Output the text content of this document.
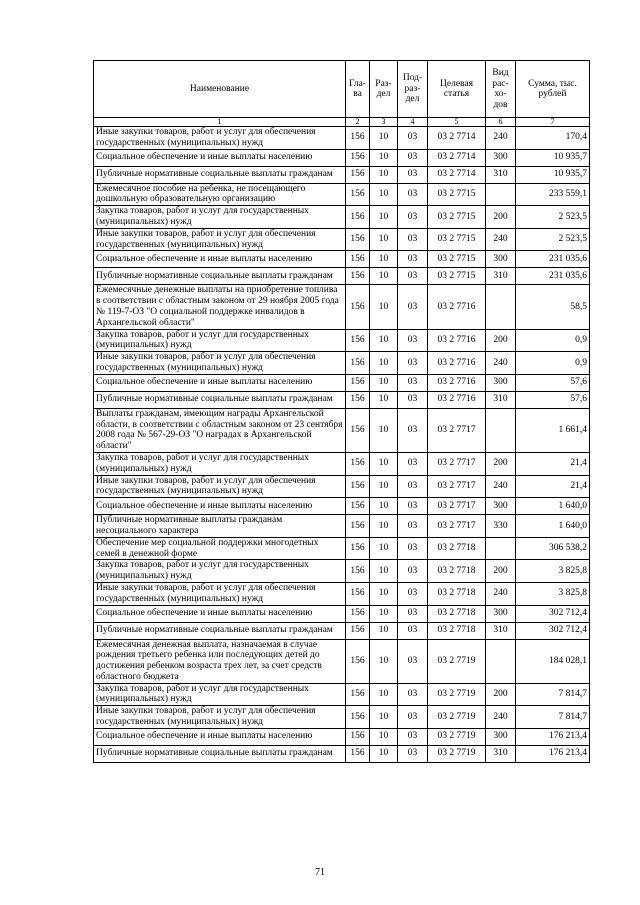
Наименование	Гла-ва	Раз-дел	Под-раз-дел	Целевая статья	Вид рас-хо-дов	Сумма, тыс. рублей
1	2	3	4	5	6	7
Иные закупки товаров, работ и услуг для обеспечения государственных (муниципальных) нужд	156	10	03	03 2 7714	240	170,4
Социальное обеспечение и иные выплаты населению	156	10	03	03 2 7714	300	10 935,7
Публичные нормативные социальные выплаты гражданам	156	10	03	03 2 7714	310	10 935,7
Ежемесячное пособие на ребенка, не посещающего дошкольную образовательную организацию	156	10	03	03 2 7715		233 559,1
Закупка товаров, работ и услуг для государственных (муниципальных) нужд	156	10	03	03 2 7715	200	2 523,5
Иные закупки товаров, работ и услуг для обеспечения государственных (муниципальных) нужд	156	10	03	03 2 7715	240	2 523,5
Социальное обеспечение и иные выплаты населению	156	10	03	03 2 7715	300	231 035,6
Публичные нормативные социальные выплаты гражданам	156	10	03	03 2 7715	310	231 035,6
Ежемесячные денежные выплаты на приобретение топлива в соответствии с областным законом от 29 ноября 2005 года № 119-7-ОЗ "О социальной поддержке инвалидов в Архангельской области"	156	10	03	03 2 7716		58,5
Закупка товаров, работ и услуг для государственных (муниципальных) нужд	156	10	03	03 2 7716	200	0,9
Иные закупки товаров, работ и услуг для обеспечения государственных (муниципальных) нужд	156	10	03	03 2 7716	240	0,9
Социальное обеспечение и иные выплаты населению	156	10	03	03 2 7716	300	57,6
Публичные нормативные социальные выплаты гражданам	156	10	03	03 2 7716	310	57,6
Выплаты гражданам, имеющим награды Архангельской области, в соответствии с областным законом от 23 сентября 2008 года № 567-29-ОЗ "О наградах в Архангельской области"	156	10	03	03 2 7717		1 661,4
Закупка товаров, работ и услуг для государственных (муниципальных) нужд	156	10	03	03 2 7717	200	21,4
Иные закупки товаров, работ и услуг для обеспечения государственных (муниципальных) нужд	156	10	03	03 2 7717	240	21,4
Социальное обеспечение и иные выплаты населению	156	10	03	03 2 7717	300	1 640,0
Публичные нормативные выплаты гражданам несоциального характера	156	10	03	03 2 7717	330	1 640,0
Обеспечение мер социальной поддержки многодетных семей в денежной форме	156	10	03	03 2 7718		306 538,2
Закупка товаров, работ и услуг для государственных (муниципальных) нужд	156	10	03	03 2 7718	200	3 825,8
Иные закупки товаров, работ и услуг для обеспечения государственных (муниципальных) нужд	156	10	03	03 2 7718	240	3 825,8
Социальное обеспечение и иные выплаты населению	156	10	03	03 2 7718	300	302 712,4
Публичные нормативные социальные выплаты гражданам	156	10	03	03 2 7718	310	302 712,4
Ежемесячная денежная выплата, назначаемая в случае рождения третьего ребенка или последующих детей до достижения ребенком возраста трех лет, за счет средств областного бюджета	156	10	03	03 2 7719		184 028,1
Закупка товаров, работ и услуг для государственных (муниципальных) нужд	156	10	03	03 2 7719	200	7 814,7
Иные закупки товаров, работ и услуг для обеспечения государственных (муниципальных) нужд	156	10	03	03 2 7719	240	7 814,7
Социальное обеспечение и иные выплаты населению	156	10	03	03 2 7719	300	176 213,4
Публичные нормативные социальные выплаты гражданам	156	10	03	03 2 7719	310	176 213,4
71
